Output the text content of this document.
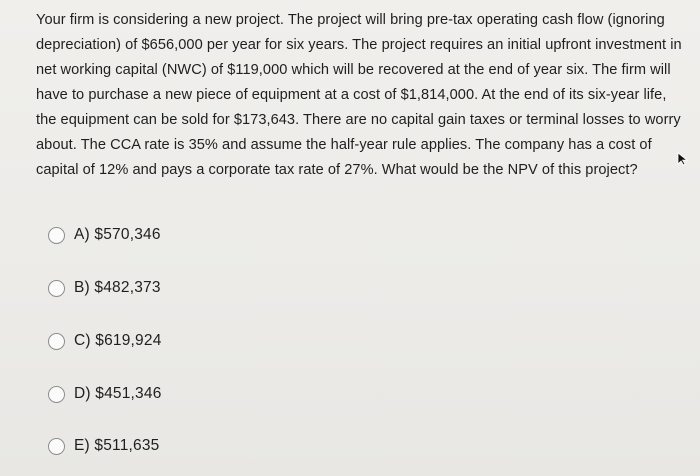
Your firm is considering a new project. The project will bring pre-tax operating cash flow (ignoring
depreciation) of $656,000 per year for six years. The project requires an initial upfront investment in
net working capital (NWC) of $119,000 which will be recovered at the end of year six. The firm will
have to purchase a new piece of equipment at a cost of $1,814,000. At the end of its six-year life,
the equipment can be sold for $173,643. There are no capital gain taxes or terminal losses to worry
about. The CCA rate is 35% and assume the half-year rule applies. The company has a cost of
capital of 12% and pays a corporate tax rate of 27%. What would be the NPV of this project?
A) $570,346
B) $482,373
C) $619,924
D) $451,346
E) $511,635
